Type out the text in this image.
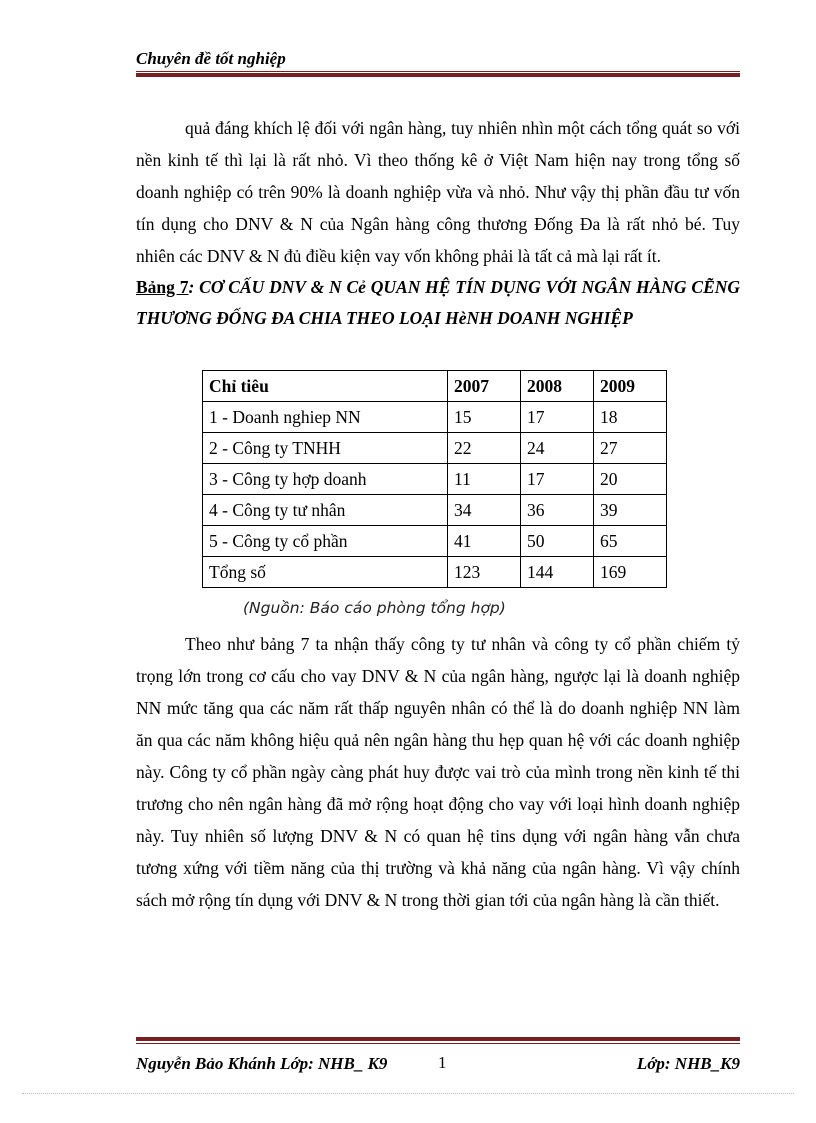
Chuyên đề tốt nghiệp

quả đáng khích lệ đối với ngân hàng, tuy nhiên nhìn một cách tổng quát so với nền kinh tế thì lại là rất nhỏ. Vì theo thống kê ở Việt Nam hiện nay trong tổng số doanh nghiệp có trên 90% là doanh nghiệp vừa và nhỏ. Như vậy thị phần đầu tư vốn tín dụng cho DNV & N của Ngân hàng công thương Đống Đa là rất nhỏ bé. Tuy nhiên các DNV & N đủ điều kiện vay vốn không phải là tất cả mà lại rất ít.

Bảng 7: CƠ CẤU DNV & N Cẻ QUAN HỆ TÍN DỤNG VỚI NGÂN HÀNG CẼNG THƯƠNG ĐỐNG ĐA CHIA THEO LOẠI HèNH DOANH NGHIỆP

Chỉ tiêu	2007	2008	2009
1 - Doanh nghiep NN	15	17	18
2 - Công ty TNHH	22	24	27
3 - Công ty hợp doanh	11	17	20
4 - Công ty tư nhân	34	36	39
5 - Công ty cổ phần	41	50	65
Tổng số	123	144	169
(Nguồn: Báo cáo phòng tổng hợp)

Theo như bảng 7 ta nhận thấy công ty tư nhân và công ty cổ phần chiếm tỷ trọng lớn trong cơ cấu cho vay DNV & N của ngân hàng, ngược lại là doanh nghiệp NN mức tăng qua các năm rất thấp nguyên nhân có thể là do doanh nghiệp NN làm ăn qua các năm không hiệu quả nên ngân hàng thu hẹp quan hệ với các doanh nghiệp này. Công ty cổ phần ngày càng phát huy được vai trò của mình trong nền kinh tế thi trương cho nên ngân hàng đã mở rộng hoạt động cho vay với loại hình doanh nghiệp này. Tuy nhiên số lượng DNV & N có quan hệ tins dụng với ngân hàng vẫn chưa tương xứng với tiềm năng của thị trường và khả năng của ngân hàng. Vì vậy chính sách mở rộng tín dụng với DNV & N trong thời gian tới của ngân hàng là cần thiết.

Nguyễn Bảo Khánh Lớp: NHB_ K9	1	Lớp: NHB_K9
